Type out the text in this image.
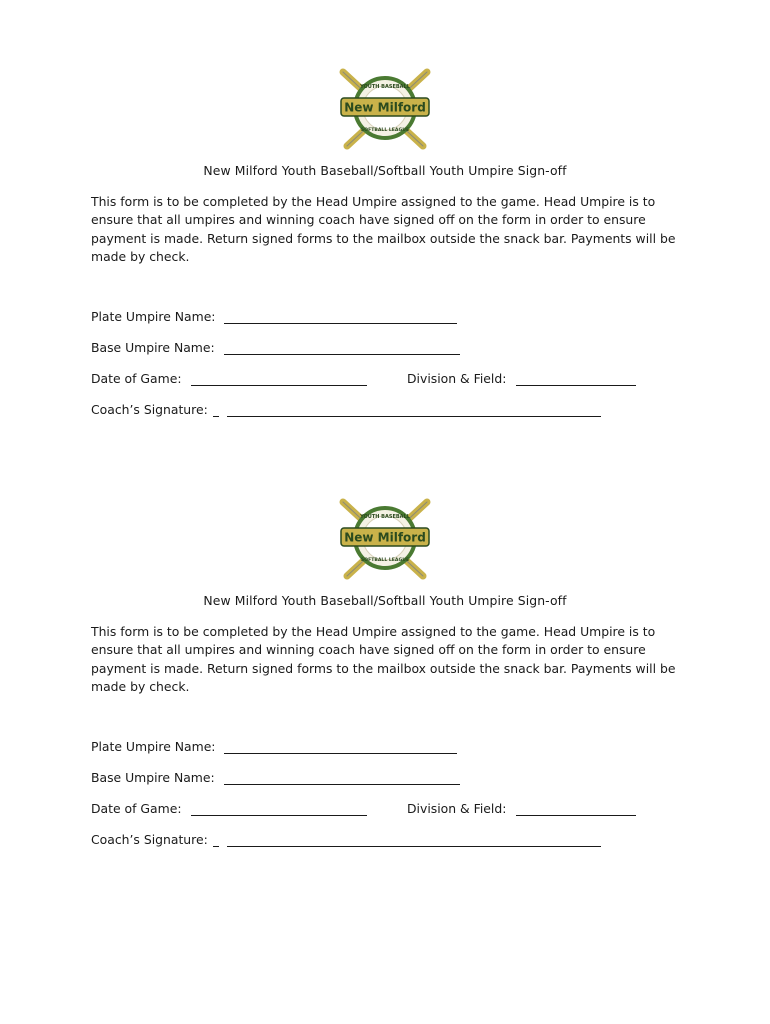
New Milford
YOUTH BASEBALL
SOFTBALL LEAGUE
New Milford Youth Baseball/Softball Youth Umpire Sign-off

This form is to be completed by the Head Umpire assigned to the game. Head Umpire is to ensure that all umpires and winning coach have signed off on the form in order to ensure payment is made. Return signed forms to the mailbox outside the snack bar. Payments will be made by check.

Plate Umpire Name:
Base Umpire Name:
Date of Game:	Division & Field:
Coach’s Signature:
New Milford
YOUTH BASEBALL
SOFTBALL LEAGUE
New Milford Youth Baseball/Softball Youth Umpire Sign-off

This form is to be completed by the Head Umpire assigned to the game. Head Umpire is to ensure that all umpires and winning coach have signed off on the form in order to ensure payment is made. Return signed forms to the mailbox outside the snack bar. Payments will be made by check.

Plate Umpire Name:
Base Umpire Name:
Date of Game:	Division & Field:
Coach’s Signature:
